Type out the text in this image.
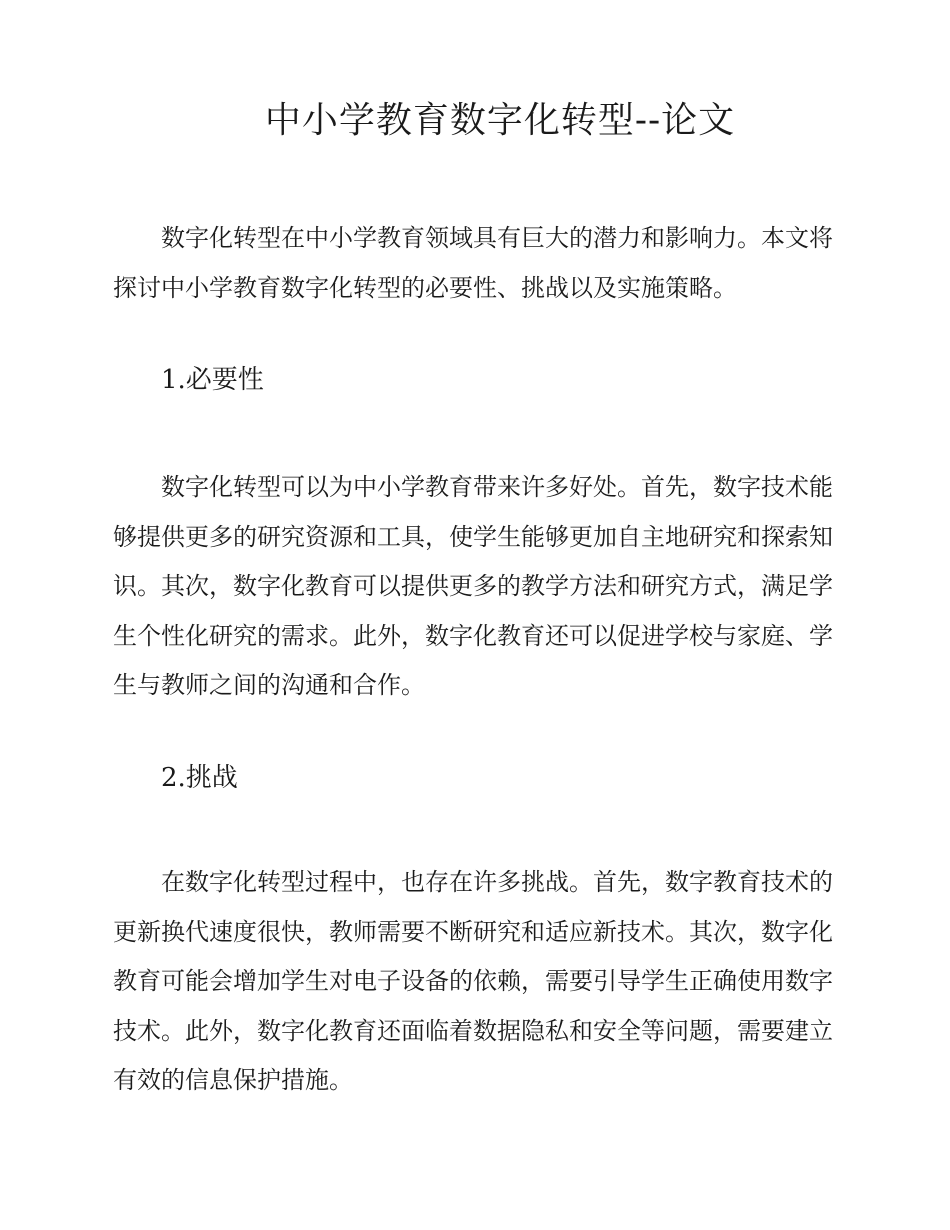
中小学教育数字化转型--论文

数字化转型在中小学教育领域具有巨大的潜力和影响力。本文将探讨中小学教育数字化转型的必要性、挑战以及实施策略。

1.必要性

数字化转型可以为中小学教育带来许多好处。首先，数字技术能够提供更多的研究资源和工具，使学生能够更加自主地研究和探索知识。其次，数字化教育可以提供更多的教学方法和研究方式，满足学生个性化研究的需求。此外，数字化教育还可以促进学校与家庭、学生与教师之间的沟通和合作。

2.挑战

在数字化转型过程中，也存在许多挑战。首先，数字教育技术的更新换代速度很快，教师需要不断研究和适应新技术。其次，数字化教育可能会增加学生对电子设备的依赖，需要引导学生正确使用数字技术。此外，数字化教育还面临着数据隐私和安全等问题，需要建立有效的信息保护措施。
